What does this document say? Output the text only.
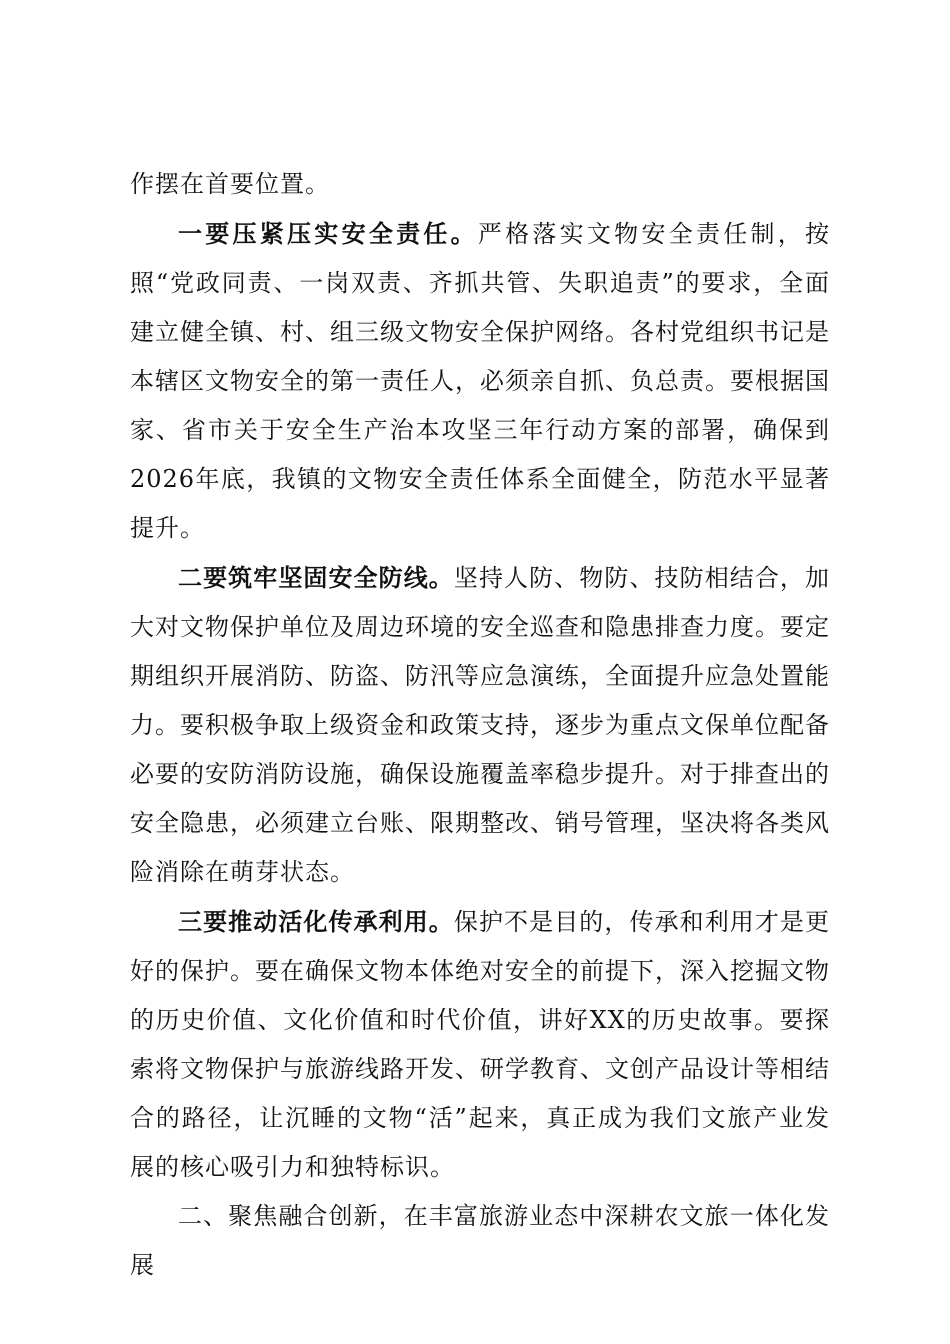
作摆在首要位置。

一要压紧压实安全责任。严格落实文物安全责任制，按照“党政同责、一岗双责、齐抓共管、失职追责”的要求，全面建立健全镇、村、组三级文物安全保护网络。各村党组织书记是本辖区文物安全的第一责任人，必须亲自抓、负总责。要根据国家、省市关于安全生产治本攻坚三年行动方案的部署，确保到2026年底，我镇的文物安全责任体系全面健全，防范水平显著提升。

二要筑牢坚固安全防线。坚持人防、物防、技防相结合，加大对文物保护单位及周边环境的安全巡查和隐患排查力度。要定期组织开展消防、防盗、防汛等应急演练，全面提升应急处置能力。要积极争取上级资金和政策支持，逐步为重点文保单位配备必要的安防消防设施，确保设施覆盖率稳步提升。对于排查出的安全隐患，必须建立台账、限期整改、销号管理，坚决将各类风险消除在萌芽状态。

三要推动活化传承利用。保护不是目的，传承和利用才是更好的保护。要在确保文物本体绝对安全的前提下，深入挖掘文物的历史价值、文化价值和时代价值，讲好XX的历史故事。要探索将文物保护与旅游线路开发、研学教育、文创产品设计等相结合的路径，让沉睡的文物“活”起来，真正成为我们文旅产业发展的核心吸引力和独特标识。

二、聚焦融合创新，在丰富旅游业态中深耕农文旅一体化发展
